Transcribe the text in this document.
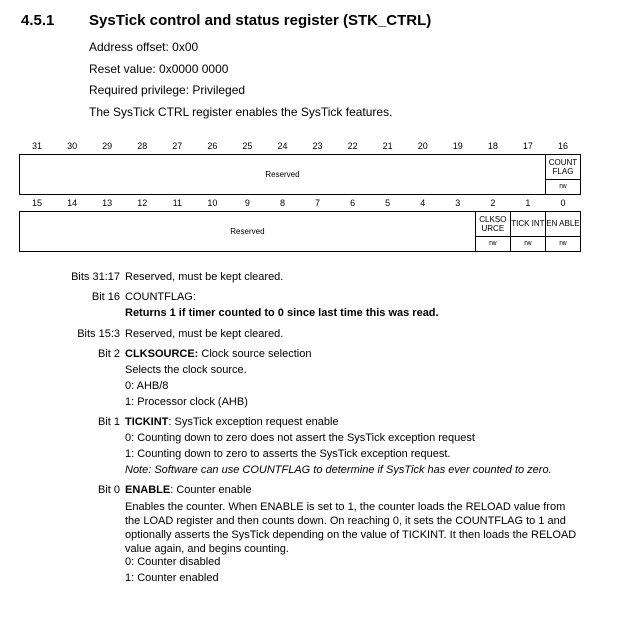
4.5.1 SysTick control and status register (STK_CTRL)
Address offset: 0x00
Reset value: 0x0000 0000
Required privilege: Privileged
The SysTick CTRL register enables the SysTick features.
31	30	29	28	27	26	25	24	23	22	21	20	19	18	17	16
Reserved															COUNT FLAG
															rw
15	14	13	12	11	10	9	8	7	6	5	4	3	2	1	0
Reserved													CLKSO URCE	TICK INT	EN ABLE
													rw	rw	rw
Bits 31:17 Reserved, must be kept cleared.
Bit 16 COUNTFLAG:
Returns 1 if timer counted to 0 since last time this was read.
Bits 15:3 Reserved, must be kept cleared.
Bit 2 CLKSOURCE: Clock source selection
Selects the clock source.
0: AHB/8
1: Processor clock (AHB)
Bit 1 TICKINT: SysTick exception request enable
0: Counting down to zero does not assert the SysTick exception request
1: Counting down to zero to asserts the SysTick exception request.
Note: Software can use COUNTFLAG to determine if SysTick has ever counted to zero.
Bit 0 ENABLE: Counter enable
Enables the counter. When ENABLE is set to 1, the counter loads the RELOAD value from the LOAD register and then counts down. On reaching 0, it sets the COUNTFLAG to 1 and optionally asserts the SysTick depending on the value of TICKINT. It then loads the RELOAD value again, and begins counting.
0: Counter disabled
1: Counter enabled
